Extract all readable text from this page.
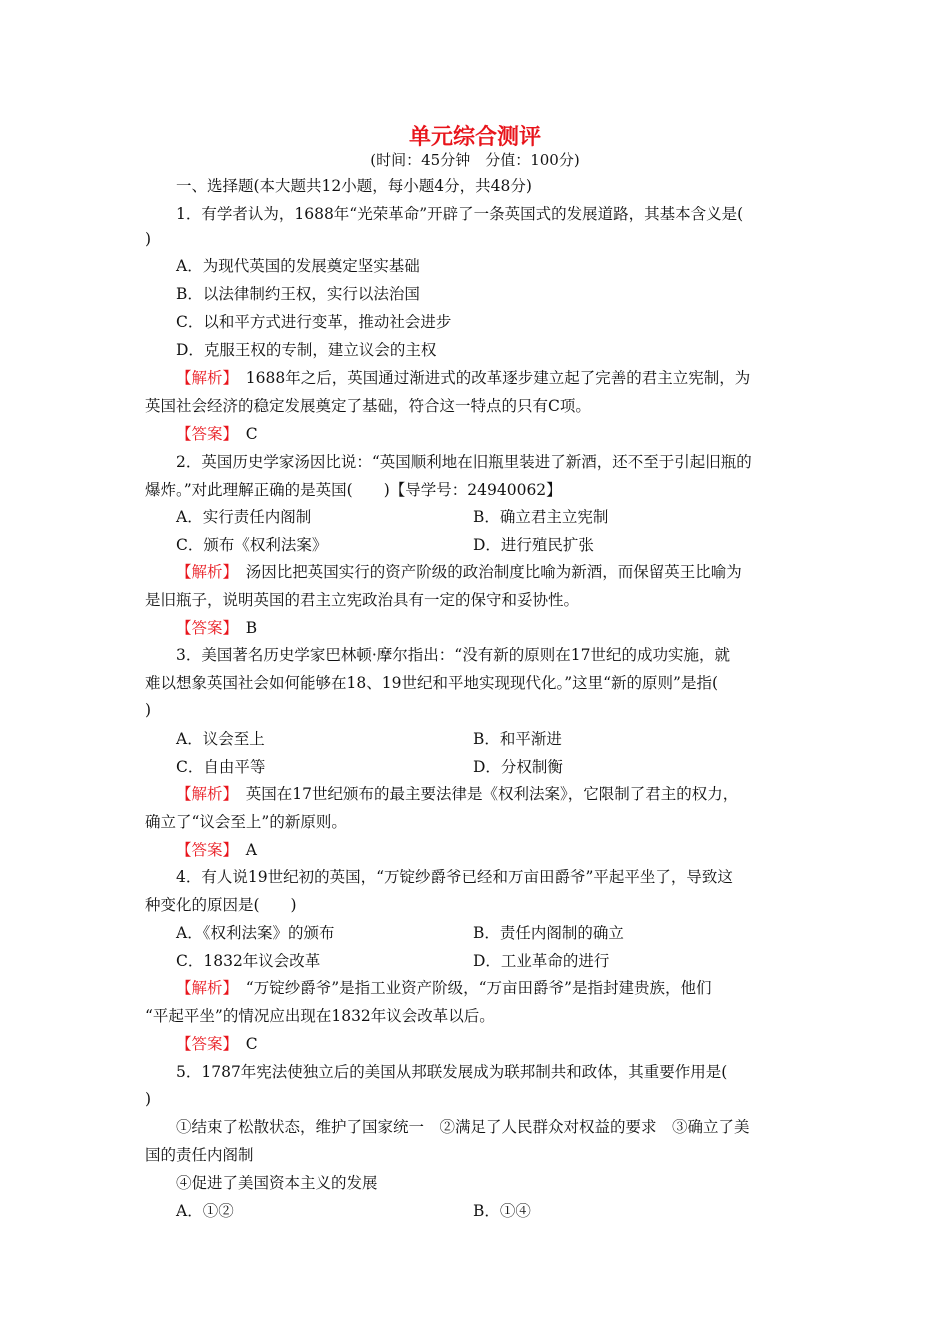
单元综合测评
(时间：45分钟　分值：100分)
一、选择题(本大题共12小题，每小题4分，共48分)
1．有学者认为，1688年“光荣革命”开辟了一条英国式的发展道路，其基本含义是(
)
A．为现代英国的发展奠定坚实基础
B．以法律制约王权，实行以法治国
C．以和平方式进行变革，推动社会进步
D．克服王权的专制，建立议会的主权
【解析】　 1688年之后，英国通过渐进式的改革逐步建立起了完善的君主立宪制，为
英国社会经济的稳定发展奠定了基础，符合这一特点的只有C项。
【答案】　 C
2．英国历史学家汤因比说：“英国顺利地在旧瓶里装进了新酒，还不至于引起旧瓶的
爆炸。”对此理解正确的是英国(　　)【导学号：24940062】
A．实行责任内阁制	B．确立君主立宪制
C．颁布《权利法案》	D．进行殖民扩张
【解析】　 汤因比把英国实行的资产阶级的政治制度比喻为新酒，而保留英王比喻为
是旧瓶子，说明英国的君主立宪政治具有一定的保守和妥协性。
【答案】　 B
3．美国著名历史学家巴林顿·摩尔指出：“没有新的原则在17世纪的成功实施，就
难以想象英国社会如何能够在18、19世纪和平地实现现代化。”这里“新的原则”是指(
)
A．议会至上	B．和平渐进
C．自由平等	D．分权制衡
【解析】　 英国在17世纪颁布的最主要法律是《权利法案》，它限制了君主的权力，
确立了“议会至上”的新原则。
【答案】　 A
4．有人说19世纪初的英国，“万锭纱爵爷已经和万亩田爵爷”平起平坐了，导致这
种变化的原因是(　　)
A．《权利法案》的颁布	B．责任内阁制的确立
C．1832年议会改革	D．工业革命的进行
【解析】　 “万锭纱爵爷”是指工业资产阶级，“万亩田爵爷”是指封建贵族，他们
“平起平坐”的情况应出现在1832年议会改革以后。
【答案】　 C
5．1787年宪法使独立后的美国从邦联发展成为联邦制共和政体，其重要作用是(
)
①结束了松散状态，维护了国家统一　②满足了人民群众对权益的要求　③确立了美
国的责任内阁制
④促进了美国资本主义的发展
A．①②	B．①④
